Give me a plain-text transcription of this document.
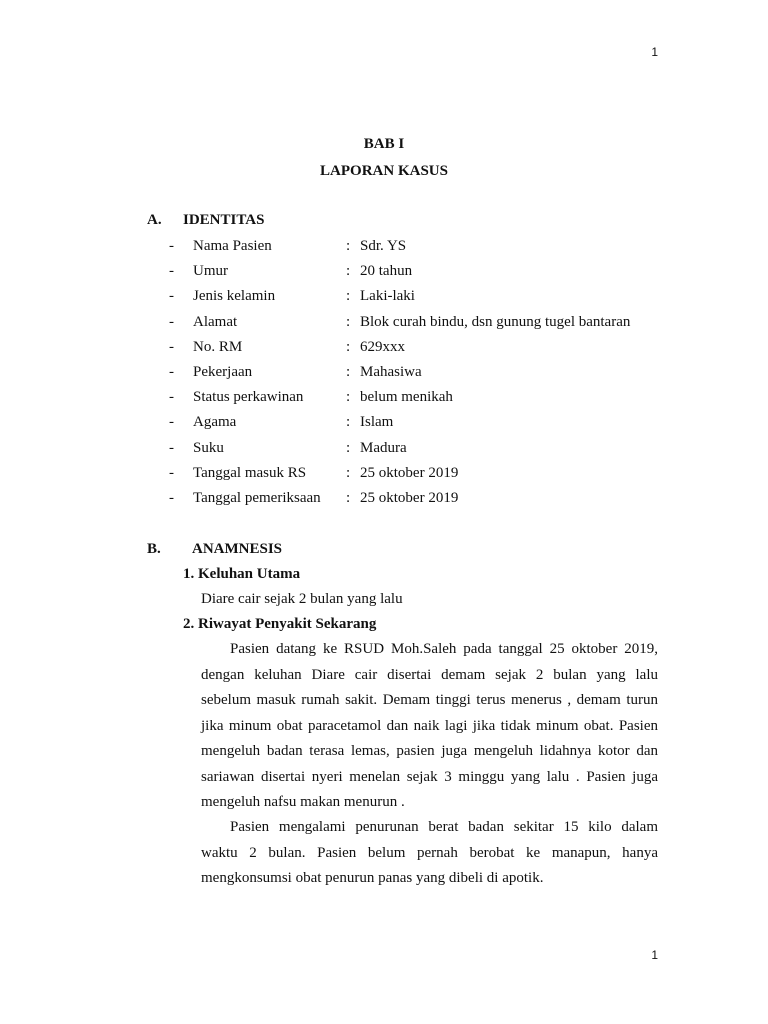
1
BAB I
LAPORAN KASUS
A. IDENTITAS
- Nama Pasien	: Sdr. YS
- Umur	: 20 tahun
- Jenis kelamin	: Laki-laki
- Alamat	: Blok curah bindu, dsn gunung tugel bantaran
- No. RM	: 629xxx
- Pekerjaan	: Mahasiwa
- Status perkawinan	: belum menikah
- Agama	: Islam
- Suku	: Madura
- Tanggal masuk RS	: 25 oktober 2019
- Tanggal pemeriksaan : 25 oktober 2019
B. ANAMNESIS
1. Keluhan Utama
Diare cair sejak 2 bulan yang lalu
2. Riwayat Penyakit Sekarang
Pasien datang ke RSUD Moh.Saleh pada tanggal 25 oktober 2019,
dengan keluhan Diare cair disertai demam sejak 2 bulan yang lalu
sebelum masuk rumah sakit. Demam tinggi terus menerus , demam turun
jika minum obat paracetamol dan naik lagi jika tidak minum obat. Pasien
mengeluh badan terasa lemas, pasien juga mengeluh lidahnya kotor dan
sariawan disertai nyeri menelan sejak 3 minggu yang lalu . Pasien juga
mengeluh nafsu makan menurun .
Pasien mengalami penurunan berat badan sekitar 15 kilo dalam
waktu 2 bulan. Pasien belum pernah berobat ke manapun, hanya
mengkonsumsi obat penurun panas yang dibeli di apotik.
1
